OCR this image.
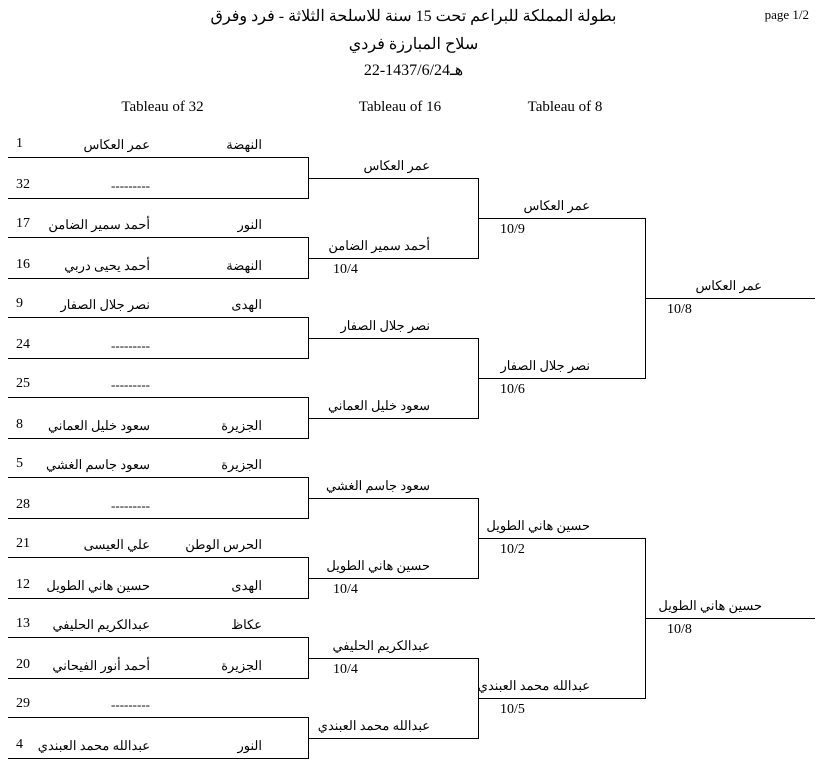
بطولة المملكة للبراعم تحت 15 سنة للاسلحة الثلاثة - فرد وفرق
سلاح المبارزة فردي
22-1437/6/24هـ
page 1/2
Tableau of 32	Tableau of 16	Tableau of 8
1	عمر العكاس	النهضة
32	---------
17	أحمد سمير الضامن	النور
16	أحمد يحيى دربي	النهضة
9	نصر جلال الصفار	الهدى
24	---------
25	---------
8	سعود خليل العماني	الجزيرة
5	سعود جاسم الغشي	الجزيرة
28	---------
21	علي العيسى	الحرس الوطن
12	حسين هاني الطويل	الهدى
13	عبدالكريم الحليفي	عكاظ
20	أحمد أنور الفيحاني	الجزيرة
29	---------
4 عبدالله محمد العبندي	النور
عمر العكاس
أحمد سمير الضامن
10/4
نصر جلال الصفار
سعود خليل العماني
سعود جاسم الغشي
حسين هاني الطويل
10/4
عبدالكريم الحليفي
10/4
عبدالله محمد العبندي
عمر العكاس
10/9
نصر جلال الصفار
10/6
حسين هاني الطويل
10/2
عبدالله محمد العبندي
10/5
عمر العكاس
10/8
حسين هاني الطويل
10/8
